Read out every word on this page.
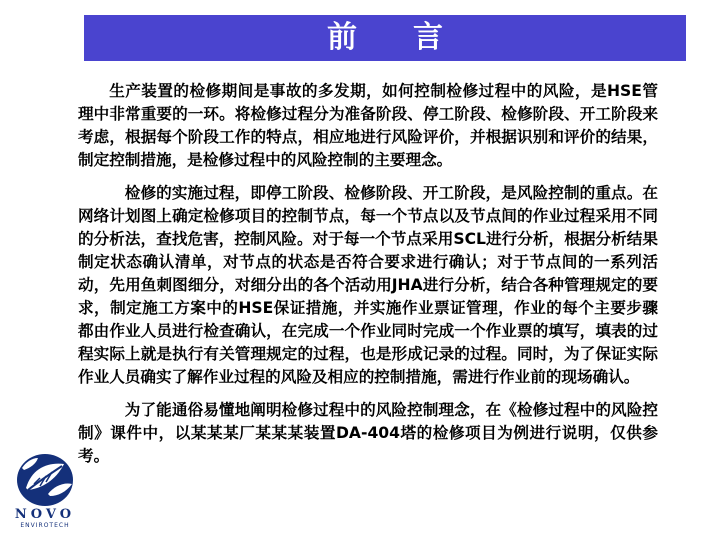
前言

生产装置的检修期间是事故的多发期，如何控制检修过程中的风险，是HSE管理中非常重要的一环。将检修过程分为准备阶段、停工阶段、检修阶段、开工阶段来考虑，根据每个阶段工作的特点，相应地进行风险评价，并根据识别和评价的结果，制定控制措施，是检修过程中的风险控制的主要理念。

检修的实施过程，即停工阶段、检修阶段、开工阶段，是风险控制的重点。在网络计划图上确定检修项目的控制节点，每一个节点以及节点间的作业过程采用不同的分析法，查找危害，控制风险。对于每一个节点采用SCL进行分析，根据分析结果制定状态确认清单，对节点的状态是否符合要求进行确认；对于节点间的一系列活动，先用鱼刺图细分，对细分出的各个活动用JHA进行分析，结合各种管理规定的要求，制定施工方案中的HSE保证措施，并实施作业票证管理，作业的每个主要步骤都由作业人员进行检查确认，在完成一个作业同时完成一个作业票的填写，填表的过程实际上就是执行有关管理规定的过程，也是形成记录的过程。同时，为了保证实际作业人员确实了解作业过程的风险及相应的控制措施，需进行作业前的现场确认。

为了能通俗易懂地阐明检修过程中的风险控制理念，在《检修过程中的风险控制》课件中，以某某某厂某某某装置DA-404塔的检修项目为例进行说明，仅供参考。

NOVO
ENVIROTECH
